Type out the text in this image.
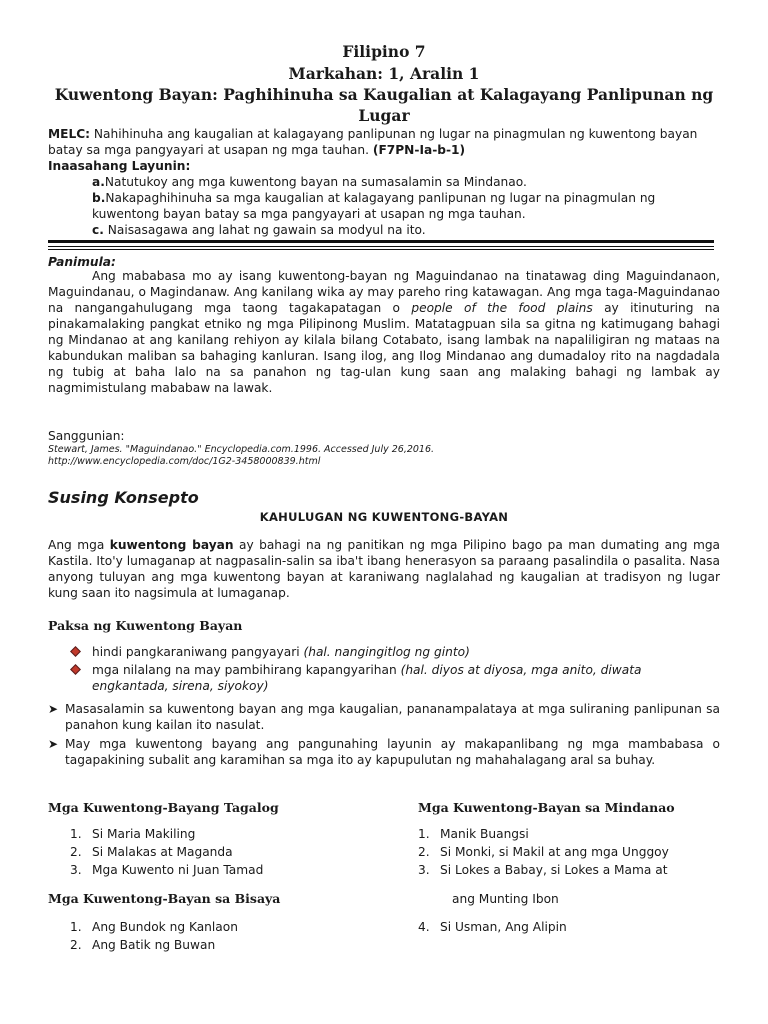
Filipino 7
Markahan: 1, Aralin 1
Kuwentong Bayan: Paghihinuha sa Kaugalian at Kalagayang Panlipunan ng Lugar
MELC: Nahihinuha ang kaugalian at kalagayang panlipunan ng lugar na pinagmulan ng kuwentong bayan batay sa mga pangyayari at usapan ng mga tauhan. (F7PN-Ia-b-1)
Inaasahang Layunin:
a.Natutukoy ang mga kuwentong bayan na sumasalamin sa Mindanao.
b.Nakapaghihinuha sa mga kaugalian at kalagayang panlipunan ng lugar na pinagmulan ng kuwentong bayan batay sa mga pangyayari at usapan ng mga tauhan.
c. Naisasagawa ang lahat ng gawain sa modyul na ito.
Panimula:
Ang mababasa mo ay isang kuwentong-bayan ng Maguindanao na tinatawag ding Maguindanaon, Maguindanau, o Magindanaw. Ang kanilang wika ay may pareho ring katawagan. Ang mga taga-Maguindanao na nangangahulugang mga taong tagakapatagan o people of the food plains ay itinuturing na pinakamalaking pangkat etniko ng mga Pilipinong Muslim. Matatagpuan sila sa gitna ng katimugang bahagi ng Mindanao at ang kanilang rehiyon ay kilala bilang Cotabato, isang lambak na napaliligiran ng mataas na kabundukan maliban sa bahaging kanluran. Isang ilog, ang Ilog Mindanao ang dumadaloy rito na nagdadala ng tubig at baha lalo na sa panahon ng tag-ulan kung saan ang malaking bahagi ng lambak ay nagmimistulang mababaw na lawak.
Sanggunian:
Stewart, James. "Maguindanao." Encyclopedia.com.1996. Accessed July 26,2016.
http://www.encyclopedia.com/doc/1G2-3458000839.html
Susing Konsepto
KAHULUGAN NG KUWENTONG-BAYAN
Ang mga kuwentong bayan ay bahagi na ng panitikan ng mga Pilipino bago pa man dumating ang mga Kastila. Ito'y lumaganap at nagpasalin-salin sa iba't ibang henerasyon sa paraang pasalindila o pasalita. Nasa anyong tuluyan ang mga kuwentong bayan at karaniwang naglalahad ng kaugalian at tradisyon ng lugar kung saan ito nagsimula at lumaganap.
Paksa ng Kuwentong Bayan
hindi pangkaraniwang pangyayari (hal. nangingitlog ng ginto)
mga nilalang na may pambihirang kapangyarihan (hal. diyos at diyosa, mga anito, diwata engkantada, sirena, siyokoy)
➤ Masasalamin sa kuwentong bayan ang mga kaugalian, pananampalataya at mga suliraning panlipunan sa panahon kung kailan ito nasulat.
➤ May mga kuwentong bayang ang pangunahing layunin ay makapanlibang ng mga mambabasa o tagapakining subalit ang karamihan sa mga ito ay kapupulutan ng mahahalagang aral sa buhay.
Mga Kuwentong-Bayang Tagalog
1. Si Maria Makiling
2. Si Malakas at Maganda
3. Mga Kuwento ni Juan Tamad
Mga Kuwentong-Bayan sa Mindanao
1. Manik Buangsi
2. Si Monki, si Makil at ang mga Unggoy
3. Si Lokes a Babay, si Lokes a Mama at
ang Munting Ibon
4. Si Usman, Ang Alipin
Mga Kuwentong-Bayan sa Bisaya
1. Ang Bundok ng Kanlaon
2. Ang Batik ng Buwan
